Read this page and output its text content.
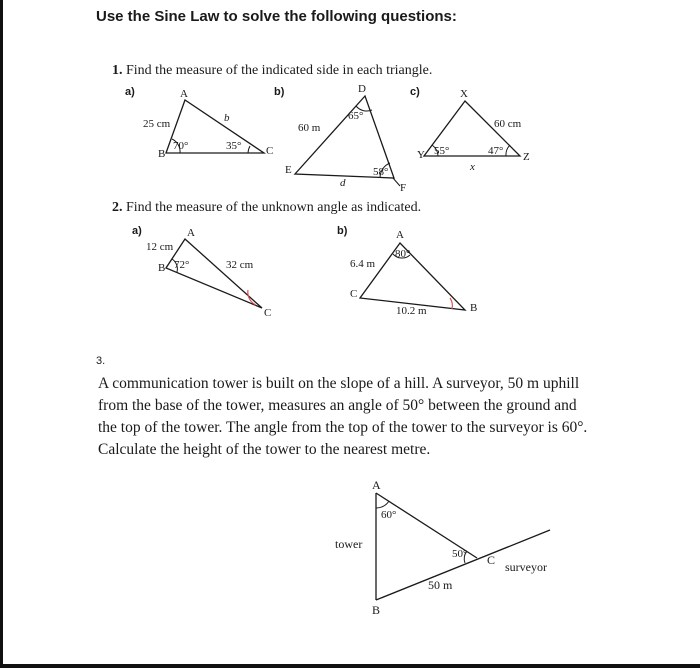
Use the Sine Law to solve the following questions:
1. Find the measure of the indicated side in each triangle.
a)	A
B	C
25 cm	b
70°	35°
b)	D
E
F
60 m
d
65°
58°
c)	X
Y	Z
60 cm
x
55°	47°
2. Find the measure of the unknown angle as indicated.
a)	A
B
C
12 cm
32 cm
72°
b)	A
B
C
6.4 m
10.2 m
80°
3.
A communication tower is built on the slope of a hill. A surveyor, 50 m uphill from the base of the tower, measures an angle of 50° between the ground and the top of the tower. The angle from the top of the tower to the surveyor is 60°. Calculate the height of the tower to the nearest metre.
A
B
C
tower
surveyor
60°
50°
50 m
